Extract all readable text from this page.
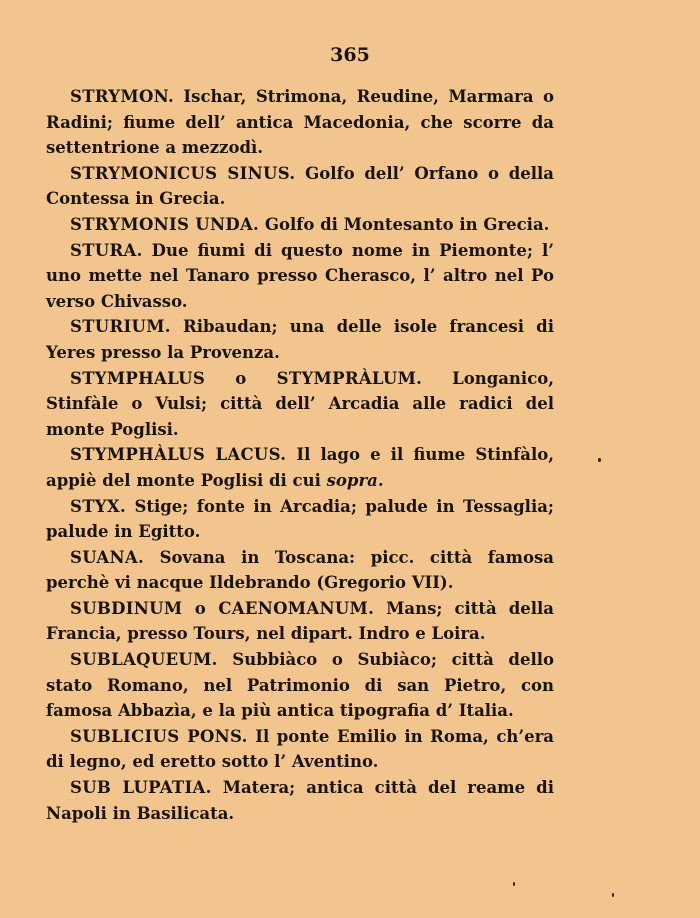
365

STRYMON. Ischar, Strimona, Reudine, Marmara o Radini; fiume dell’ antica Macedonia, che scorre da settentrione a mezzodì.

STRYMONICUS SINUS. Golfo dell’ Orfano o della Contessa in Grecia.

STRYMONIS UNDA. Golfo di Montesanto in Grecia.

STURA. Due fiumi di questo nome in Piemonte; l’ uno mette nel Tanaro presso Cherasco, l’ altro nel Po verso Chivasso.

STURIUM. Ribaudan; una delle isole francesi di Yeres presso la Provenza.

STYMPHALUS o STYMPRÀLUM. Longanico, Stinfàle o Vulsi; città dell’ Arcadia alle radici del monte Poglisi.

STYMPHÀLUS LACUS. Il lago e il fiume Stinfàlo, appiè del monte Poglisi di cui sopra.

STYX. Stige; fonte in Arcadia; palude in Tessaglia; palude in Egitto.

SUANA. Sovana in Toscana: picc. città famosa perchè vi nacque Ildebrando (Gregorio VII).

SUBDINUM o CAENOMANUM. Mans; città della Francia, presso Tours, nel dipart. Indro e Loira.

SUBLAQUEUM. Subbiàco o Subiàco; città dello stato Romano, nel Patrimonio di san Pietro, con famosa Abbazìa, e la più antica tipografia d’ Italia.

SUBLICIUS PONS. Il ponte Emilio in Roma, ch’era di legno, ed eretto sotto l’ Aventino.

SUB LUPATIA. Matera; antica città del reame di Napoli in Basilicata.
